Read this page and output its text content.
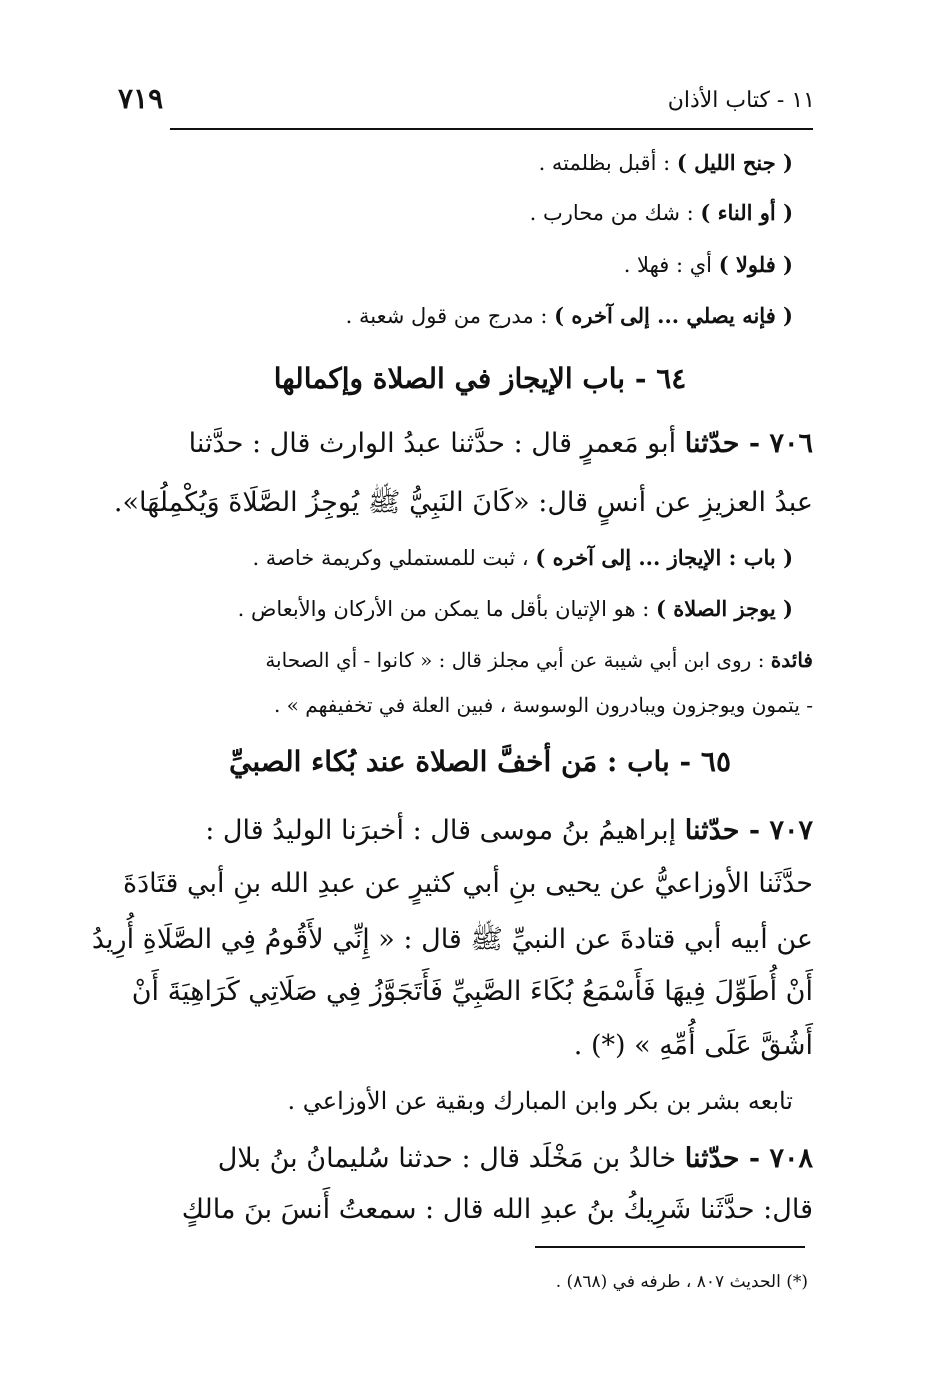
١١ - كتاب الأذان
٧١٩
( جنح الليل ) : أقبل بظلمته .
( أو الناء ) : شك من محارب .
( فلولا ) أي : فهلا .
( فإنه يصلي ... إلى آخره ) : مدرج من قول شعبة .
٦٤ - باب الإيجاز في الصلاة وإكمالها
٧٠٦ - حدّثنا أبو مَعمرٍ قال : حدَّثنا عبدُ الوارث قال : حدَّثنا
عبدُ العزيزِ عن أنسٍ قال: «كَانَ النَبِيُّ ﷺ يُوجِزُ الصَّلَاةَ وَيُكْمِلُهَا».
( باب : الإيجاز ... إلى آخره ) ، ثبت للمستملي وكريمة خاصة .
( يوجز الصلاة ) : هو الإتيان بأقل ما يمكن من الأركان والأبعاض .
فائدة : روى ابن أبي شيبة عن أبي مجلز قال : « كانوا - أي الصحابة
- يتمون ويوجزون ويبادرون الوسوسة ، فبين العلة في تخفيفهم » .
٦٥ - باب : مَن أخفَّ الصلاة عند بُكاء الصبيِّ
٧٠٧ - حدّثنا إبراهيمُ بنُ موسى قال : أخبرَنا الوليدُ قال :
حدَّثَنا الأوزاعيُّ عن يحيى بنِ أبي كثيرٍ عن عبدِ الله بنِ أبي قتَادَةَ
عن أبيه أبي قتادةَ عن النبيِّ ﷺ قال : « إِنِّي لأَقُومُ فِي الصَّلَاةِ أُرِيدُ
أَنْ أُطَوِّلَ فِيهَا فَأَسْمَعُ بُكَاءَ الصَّبِيِّ فَأَتَجَوَّزُ فِي صَلَاتِي كَرَاهِيَةَ أَنْ
أَشُقَّ عَلَى أُمِّهِ » (*) .
تابعه بشر بن بكر وابن المبارك وبقية عن الأوزاعي .
٧٠٨ - حدّثنا خالدُ بن مَخْلَد قال : حدثنا سُليمانُ بنُ بلال
قال: حدَّثَنا شَرِيكُ بنُ عبدِ الله قال : سمعتُ أَنسَ بنَ مالكٍ
(*) الحديث ٨٠٧ ، طرفه في (٨٦٨) .
